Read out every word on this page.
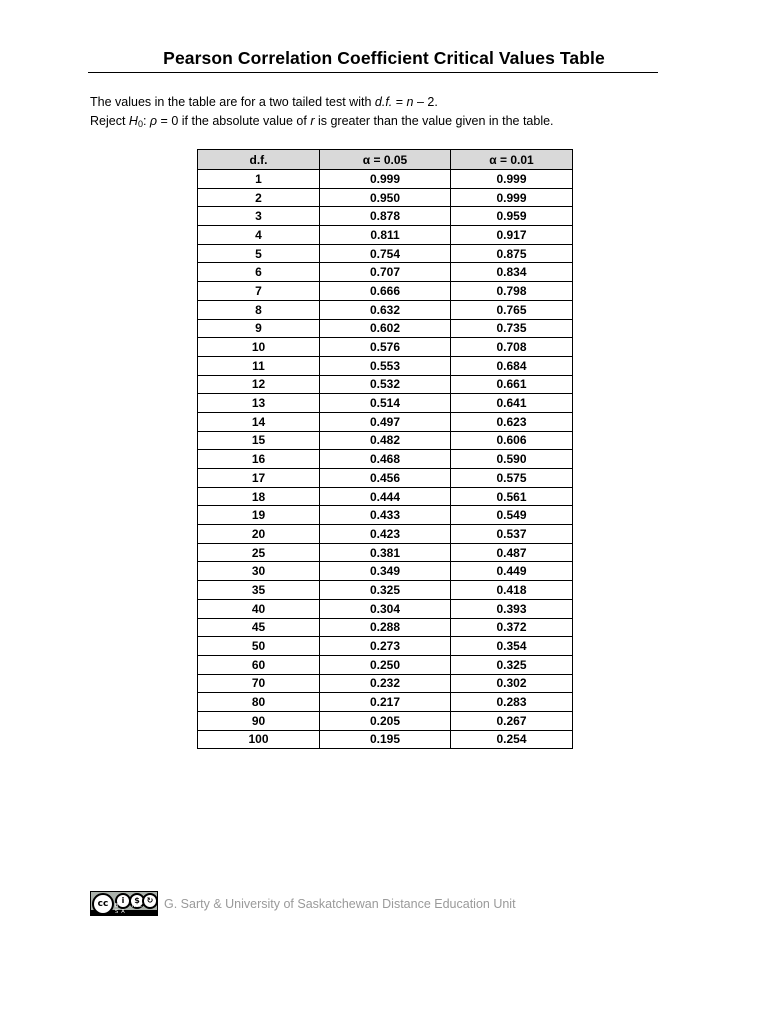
Pearson Correlation Coefficient Critical Values Table

The values in the table are for a two tailed test with d.f. = n – 2.

Reject $H_0$: ρ = 0 if the absolute value of r is greater than the value given in the table.

d.f.	α = 0.05	α = 0.01
1	0.999	0.999
2	0.950	0.999
3	0.878	0.959
4	0.811	0.917
5	0.754	0.875
6	0.707	0.834
7	0.666	0.798
8	0.632	0.765
9	0.602	0.735
10	0.576	0.708
11	0.553	0.684
12	0.532	0.661
13	0.514	0.641
14	0.497	0.623
15	0.482	0.606
16	0.468	0.590
17	0.456	0.575
18	0.444	0.561
19	0.433	0.549
20	0.423	0.537
25	0.381	0.487
30	0.349	0.449
35	0.325	0.418
40	0.304	0.393
45	0.288	0.372
50	0.273	0.354
60	0.250	0.325
70	0.232	0.302
80	0.217	0.283
90	0.205	0.267
100	0.195	0.254
cc	i	$ ↻
BY NC SA
G. Sarty & University of Saskatchewan Distance Education Unit
